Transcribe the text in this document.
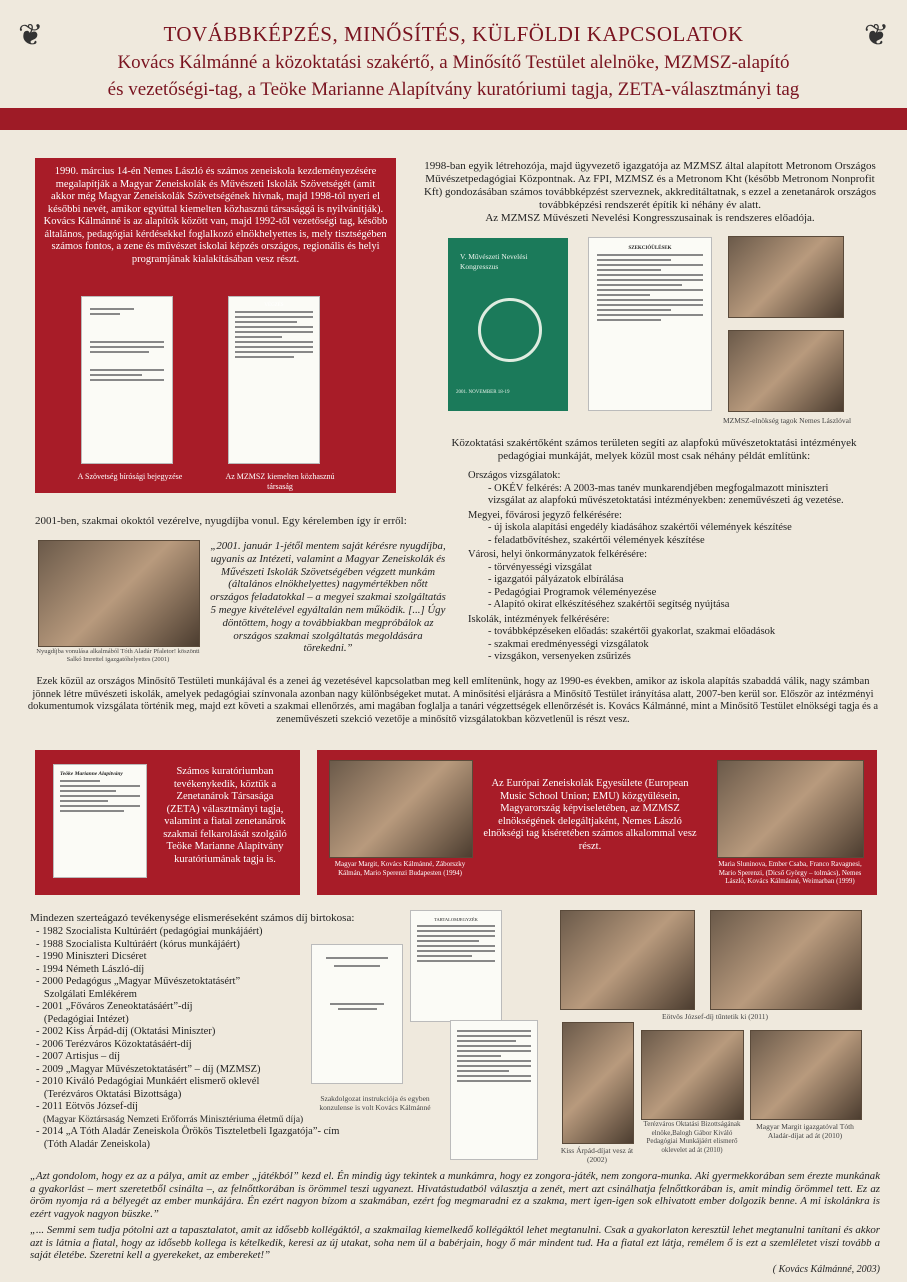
❦	❦
TOVÁBBKÉPZÉS, MINŐSÍTÉS, KÜLFÖLDI KAPCSOLATOK
Kovács Kálmánné a közoktatási szakértő, a Minősítő Testület alelnöke, MZMSZ-alapító
és vezetőségi-tag, a Teöke Marianne Alapítvány kuratóriumi tagja, ZETA-választmányi tag
1990. március 14-én Nemes László és számos zeneiskola kezdeményezésére megalapítják a Magyar Zeneiskolák és Művészeti Iskolák Szövetségét (amit akkor még Magyar Zeneiskolák Szövetségének hívnak, majd 1998-tól nyeri el későbbi nevét, amikor egyúttal kiemelten közhasznú társasággá is nyilvánítják). Kovács Kálmánné is az alapítók között van, majd 1992-től vezetőségi tag, később általános, pedagógiai kérdésekkel foglalkozó elnökhelyettes is, mely tisztségében számos fontos, a zene és művészet iskolai képzés országos, regionális és helyi programjának kialakításában vesz részt.
VÉGZÉS
A Szövetség bírósági bejegyzése	Az MZMSZ kiemelten közhasznú társaság
1998-ban egyik létrehozója, majd ügyvezető igazgatója az MZMSZ által alapított Metronom Országos Művészetpedagógiai Központnak. Az FPI, MZMSZ és a Metronom Kht (később Metronom Nonprofit Kft) gondozásában számos továbbképzést szerveznek, akkreditáltatnak, s ezzel a zenetanárok országos továbbképzési rendszerét építik ki néhány év alatt.
Az MZMSZ Művészeti Nevelési Kongresszusainak is rendszeres előadója.
V. Művészeti Nevelési Kongresszus
2001. NOVEMBER 18-19
SZEKCIÓÜLÉSEK
MZMSZ-elnökség tagok Nemes Lászlóval
Közoktatási szakértőként számos területen segíti az alapfokú művészetoktatási intézmények pedagógiai munkáját, melyek közül most csak néhány példát említünk:
Országos vizsgálatok:
- OKÉV felkérés: A 2003-mas tanév munkarendjében megfogalmazott miniszteri
vizsgálat az alapfokú művészetoktatási intézményekben: zeneművészeti ág vezetése.
Megyei, fővárosi jegyző felkérésére:
- új iskola alapítási engedély kiadásához szakértői vélemények készítése
- feladatbővítéshez, szakértői vélemények készítése
Városi, helyi önkormányzatok felkérésére:
- törvényességi vizsgálat
- igazgatói pályázatok elbírálása
- Pedagógiai Programok véleményezése
- Alapító okirat elkészítéséhez szakértői segítség nyújtása
Iskolák, intézmények felkérésére:
- továbbképzéseken előadás: szakértői gyakorlat, szakmai előadások
- szakmai eredményességi vizsgálatok
- vizsgákon, versenyeken zsűrizés
2001-ben, szakmai okoktól vezérelve, nyugdíjba vonul. Egy kérelemben így ír erről:
Nyugdíjba vonulása alkalmából Tóth Aladár Pfaletor! köszönti Salkó Imrettel igazgatóhelyettes (2001)
„2001. január 1-jétől mentem saját kérésre nyugdíjba, ugyanis az Intézeti, valamint a Magyar Zeneiskolák és Művészeti Iskolák Szövetségében végzett munkám (általános elnökhelyettes) nagymértékben nőtt országos feladatokkal – a megyei szakmai szolgáltatás 5 megye kivételével egyáltalán nem működik. [...] Úgy döntöttem, hogy a továbbiakban megpróbálok az országos szakmai szolgáltatás megoldására törekedni.”
Ezek közül az országos Minősítő Testületi munkájával és a zenei ág vezetésével kapcsolatban meg kell említenünk, hogy az 1990-es években, amikor az iskola alapítás szabaddá válik, nagy számban jönnek létre művészeti iskolák, amelyek pedagógiai színvonala azonban nagy különbségeket mutat. A minősítési eljárásra a Minősítő Testület irányítása alatt, 2007-ben kerül sor. Először az intézményi dokumentumok vizsgálata történik meg, majd ezt követi a szakmai ellenőrzés, ami magában foglalja a tanári végzettségek ellenőrzését is. Kovács Kálmánné, mint a Minősítő Testület elnökségi tagja és a zeneművészeti szekció vezetője a minősítő vizsgálatokban közvetlenül is részt vesz.
Teöke Marianne Alapítvány	Számos kuratóriumban tevékenykedik, köztük a Zenetanárok Társasága (ZETA) választmányi tagja, valamint a fiatal zenetanárok szakmai felkarolását szolgáló Teöke Marianne Alapítvány kuratóriumának tagja is.	Magyar Margit, Kovács Kálmánné, Záborszky Kálmán, Mario Sperenzi Budapesten (1994)
Az Európai Zeneiskolák Egyesülete (European Music School Union; EMU) közgyűlésein, Magyarország képviseletében, az MZMSZ elnökségének delegáltjaként, Nemes László elnökségi tag kíséretében számos alkalommal vesz részt.
Maria Sluninova, Ember Csaba, Franco Ravagnesi, Mario Sperenzi, (Dicső György – tolmács), Nemes László, Kovács Kálmánné, Weimarban (1999)
Mindezen szerteágazó tevékenysége elismeréseként számos díj birtokosa:
- 1982 Szocialista Kultúráért (pedagógiai munkájáért)
- 1988 Szocialista Kultúráért (kórus munkájáért)
- 1990 Miniszteri Dicséret
- 1994 Németh László-díj
- 2000 Pedagógus „Magyar Művészetoktatásért”
Szolgálati Emlékérem
- 2001 „Főváros Zeneoktatásáért”-díj
(Pedagógiai Intézet)
- 2002 Kiss Árpád-díj (Oktatási Miniszter)
- 2006 Terézváros Közoktatásáért-díj
- 2007 Artisjus – díj
- 2009 „Magyar Művészetoktatásért” – díj (MZMSZ)
- 2010 Kiváló Pedagógiai Munkáért elismerő oklevél
(Terézváros Oktatási Bizottsága)
- 2011 Eötvös József-díj
(Magyar Köztársaság Nemzeti Erőforrás Minisztériuma életmű díja)
- 2014 „A Tóth Aladár Zeneiskola Örökös Tiszteletbeli Igazgatója”- cím
(Tóth Aladár Zeneiskola)
TARTALOMJEGYZÉK
Szakdolgozat instrukciója és egyben konzulense is volt Kovács Kálmánné
Eötvös József-díj tűntetik ki (2011)
Kiss Árpád-díjat vesz át (2002)
Terézváros Oktatási Bizottságának elnöke,Balogh Gábor Kiváló Pedagógiai Munkájáért elismerő oklevelet ad át (2010)
Magyar Margit igazgatóval Tóth Aladár-díjat ad át (2010)
„Azt gondolom, hogy ez az a pálya, amit az ember „játékból” kezd el. Én mindig úgy tekintek a munkámra, hogy ez zongora-játék, nem zongora-munka. Aki gyermekkorában sem érezte munkának a gyakorlást – mert szeretetből csinálta –, az felnőttkorában is örömmel teszi ugyanezt. Hivatástudatból választja a zenét, mert azt csinálhatja felnőttkorában is, amit mindig örömmel tett. Ez az öröm nyomja rá a bélyegét az ember munkájára. Én ezért nagyon bízom a szakmában, ezért fog megmaradni ez a szakma, mert igen-igen sok elhivatott ember dolgozik benne. A mi iskolánkra is ezért vagyok nagyon büszke.”
„... Semmi sem tudja pótolni azt a tapasztalatot, amit az idősebb kollégáktól, a szakmailag kiemelkedő kollégáktól lehet megtanulni. Csak a gyakorlaton keresztül lehet megtanulni tanítani és akkor azt is látnia a fiatal, hogy az idősebb kollega is kételkedik, keresi az új utakat, soha nem ül a babérjain, hogy ő már mindent tud. Ha a fiatal ezt látja, remélem ő is ezt a szemléletet viszi tovább a saját életébe. Szeretni kell a gyerekeket, az embereket!”
( Kovács Kálmánné, 2003)
